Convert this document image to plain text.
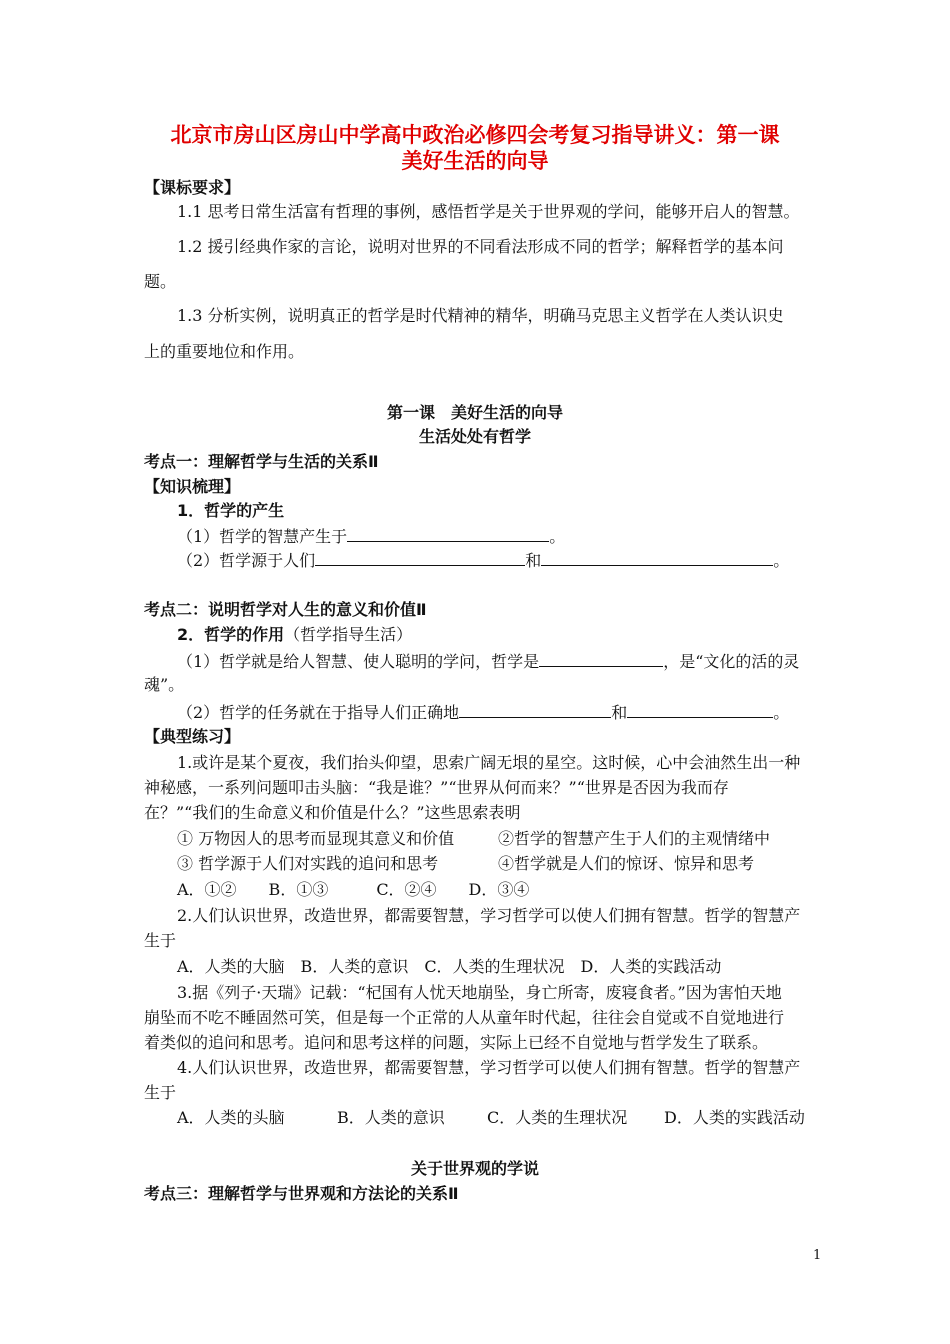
北京市房山区房山中学高中政治必修四会考复习指导讲义：第一课
美好生活的向导
【课标要求】
1.1 思考日常生活富有哲理的事例，感悟哲学是关于世界观的学问，能够开启人的智慧。
1.2 援引经典作家的言论，说明对世界的不同看法形成不同的哲学；解释哲学的基本问
题。
1.3 分析实例，说明真正的哲学是时代精神的精华，明确马克思主义哲学在人类认识史
上的重要地位和作用。
第一课　美好生活的向导
生活处处有哲学
考点一：理解哲学与生活的关系Ⅱ
【知识梳理】
1．哲学的产生
（1）哲学的智慧产生于	。
（2）哲学源于人们	和	。
考点二：说明哲学对人生的意义和价值Ⅱ
2．哲学的作用（哲学指导生活）
（1）哲学就是给人智慧、使人聪明的学问，哲学是	，是“文化的活的灵
魂”。
（2）哲学的任务就在于指导人们正确地	和	。
【典型练习】
1.或许是某个夏夜，我们抬头仰望，思索广阔无垠的星空。这时候，心中会油然生出一种
神秘感，一系列问题叩击头脑：“我是谁？”“世界从何而来？”“世界是否因为我而存
在？”“我们的生命意义和价值是什么？”这些思索表明
① 万物因人的思考而显现其意义和价值	②哲学的智慧产生于人们的主观情绪中
③ 哲学源于人们对实践的追问和思考	④哲学就是人们的惊讶、惊异和思考
A．①②　　B．①③　　　C．②④　　D．③④
2.人们认识世界，改造世界，都需要智慧，学习哲学可以使人们拥有智慧。哲学的智慧产
生于
A．人类的大脑　B．人类的意识　C．人类的生理状况　D．人类的实践活动
3.据《列子·天瑞》记载：“杞国有人忧天地崩坠，身亡所寄，废寝食者。”因为害怕天地
崩坠而不吃不睡固然可笑，但是每一个正常的人从童年时代起，往往会自觉或不自觉地进行
着类似的追问和思考。追问和思考这样的问题，实际上已经不自觉地与哲学发生了联系。
4.人们认识世界，改造世界，都需要智慧，学习哲学可以使人们拥有智慧。哲学的智慧产
生于
A．人类的头脑	B．人类的意识	C．人类的生理状况 D．人类的实践活动
关于世界观的学说
考点三：理解哲学与世界观和方法论的关系Ⅱ
1
